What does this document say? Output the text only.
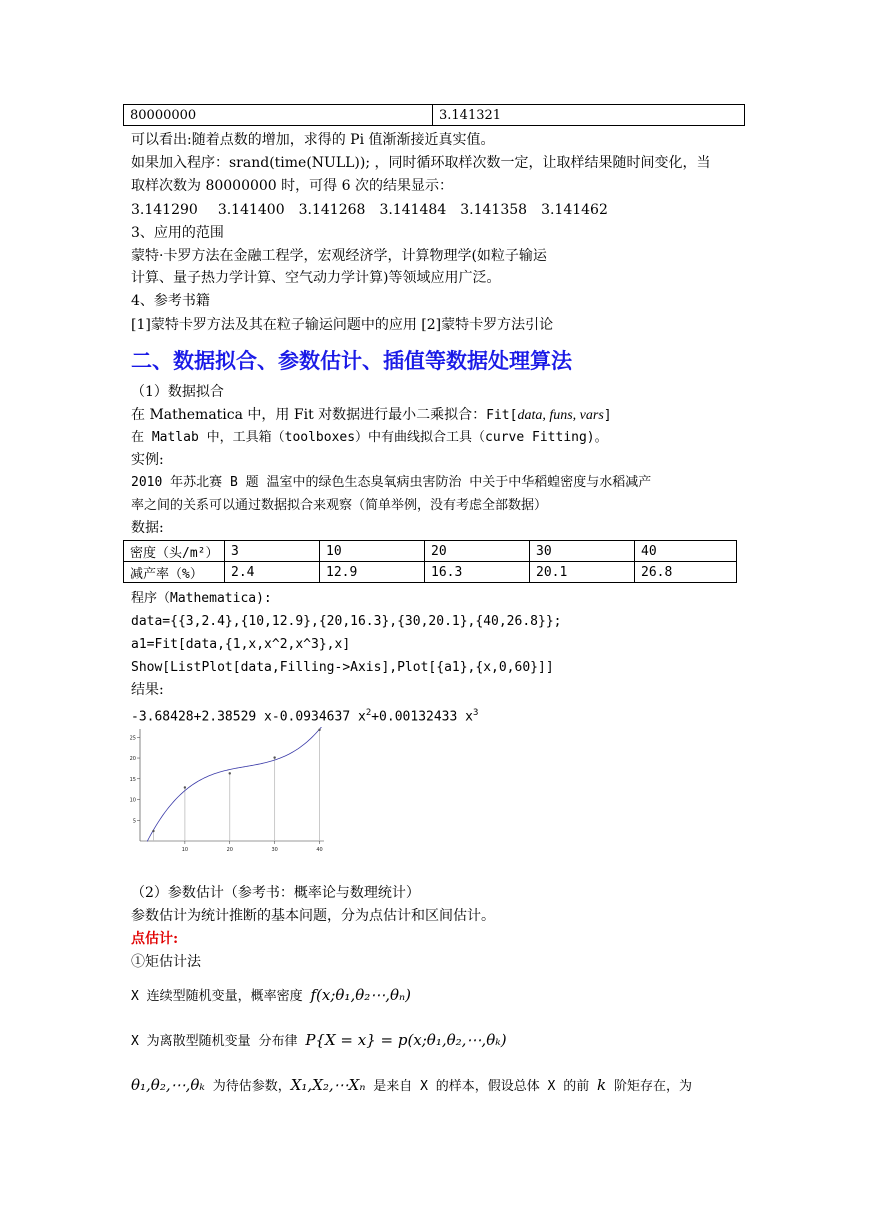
80000000	3.141321
可以看出:随着点数的增加，求得的 Pi 值渐渐接近真实值。
如果加入程序：srand(time(NULL)); ，同时循环取样次数一定，让取样结果随时间变化，当
取样次数为 80000000 时，可得 6 次的结果显示：
3.141290 3.141400 3.141268 3.141484 3.141358 3.141462
3、应用的范围
蒙特·卡罗方法在金融工程学，宏观经济学，计算物理学(如粒子输运
计算、量子热力学计算、空气动力学计算)等领域应用广泛。
4、参考书籍
[1]蒙特卡罗方法及其在粒子输运问题中的应用 [2]蒙特卡罗方法引论
二、数据拟合、参数估计、插值等数据处理算法
（1）数据拟合
在 Mathematica 中，用 Fit 对数据进行最小二乘拟合：Fit[data, funs, vars]
在 Matlab 中，工具箱（toolboxes）中有曲线拟合工具（curve Fitting)。
实例:
2010 年苏北赛 B 题 温室中的绿色生态臭氧病虫害防治 中关于中华稻蝗密度与水稻减产
率之间的关系可以通过数据拟合来观察（简单举例，没有考虑全部数据）
数据:
密度（头/m²）	3	10	20	30	40
减产率（%）	2.4	12.9	16.3	20.1	26.8
程序（Mathematica):
data={{3,2.4},{10,12.9},{20,16.3},{30,20.1},{40,26.8}};
a1=Fit[data,{1,x,x^2,x^3},x]
Show[ListPlot[data,Filling->Axis],Plot[{a1},{x,0,60}]]
结果:
-3.68428+2.38529 x-0.0934637 $x^2+0.00132433$ $x^3$
10	20	30	40
5
10
15
20
25
（2）参数估计（参考书：概率论与数理统计）
参数估计为统计推断的基本问题，分为点估计和区间估计。
点估计:
①矩估计法
X 连续型随机变量，概率密度 f(x;θ₁,θ₂⋯,θₙ)
X 为离散型随机变量 分布律 P{X = x} = p(x;θ₁,θ₂,⋯,θₖ)
θ₁,θ₂,⋯,θₖ 为待估参数，X₁,X₂,⋯Xₙ 是来自 X 的样本，假设总体 X 的前 k 阶矩存在，为
